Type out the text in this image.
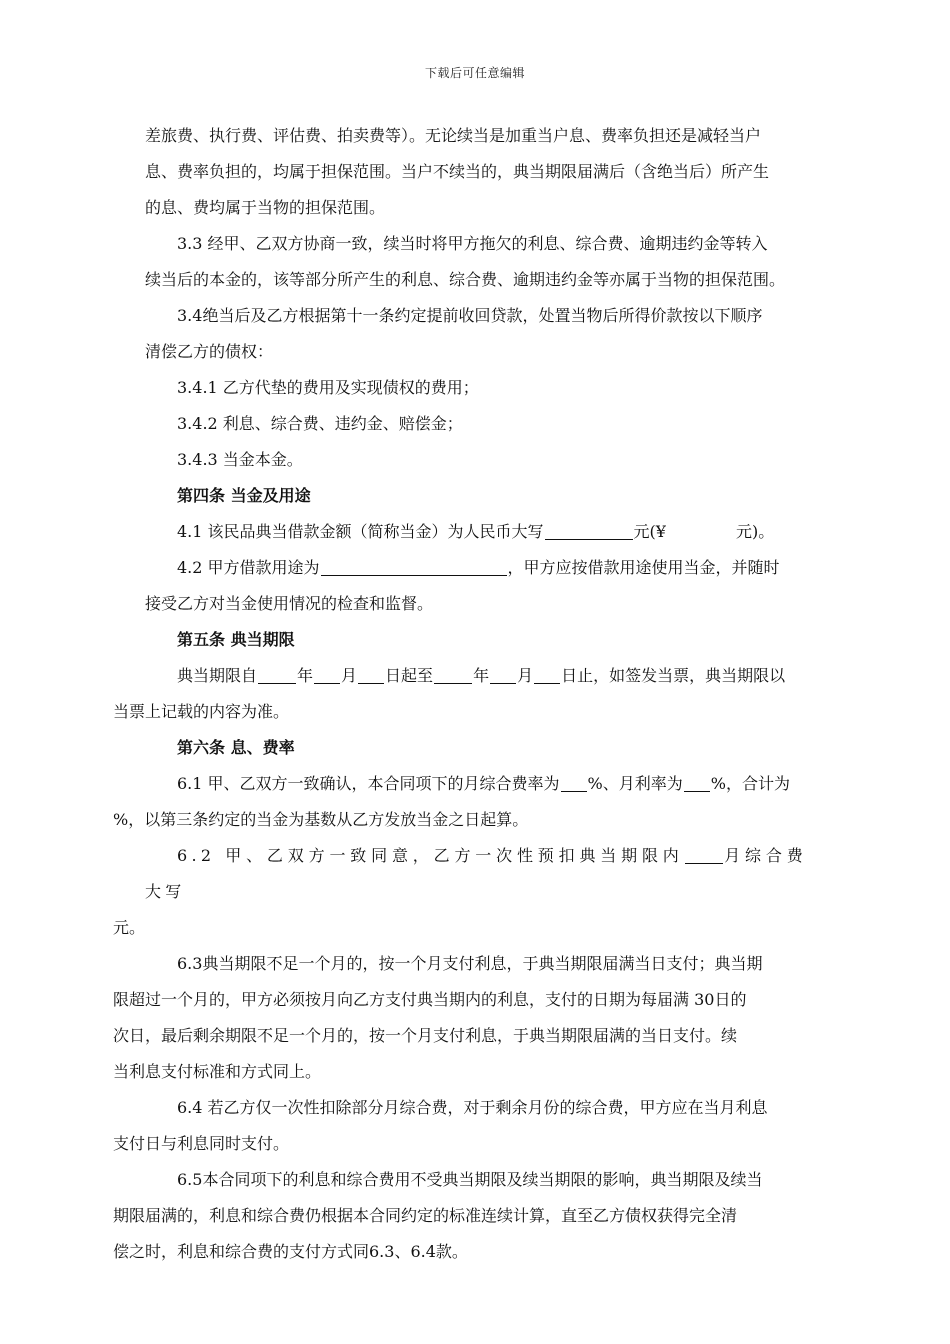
下载后可任意编辑

差旅费、执行费、评估费、拍卖费等）。无论续当是加重当户息、费率负担还是减轻当户
息、费率负担的，均属于担保范围。当户不续当的，典当期限届满后（含绝当后）所产生
的息、费均属于当物的担保范围。

3.3 经甲、乙双方协商一致，续当时将甲方拖欠的利息、综合费、逾期违约金等转入
续当后的本金的，该等部分所产生的利息、综合费、逾期违约金等亦属于当物的担保范围。

3.4绝当后及乙方根据第十一条约定提前收回贷款，处置当物后所得价款按以下顺序
清偿乙方的债权：

3.4.1 乙方代垫的费用及实现债权的费用；

3.4.2 利息、综合费、违约金、赔偿金；

3.4.3 当金本金。

第四条 当金及用途

4.1 该民品典当借款金额（简称当金）为人民币大写	元(¥	元)。

4.2 甲方借款用途为	，甲方应按借款用途使用当金，并随时
接受乙方对当金使用情况的检查和监督。

第五条 典当期限

典当期限自	年 月 日起至	年 月 日止，如签发当票，典当期限以
当票上记载的内容为准。

第六条 息、费率

6.1 甲、乙双方一致确认，本合同项下的月综合费率为 %、月利率为 %，合计为
%，以第三条约定的当金为基数从乙方发放当金之日起算。

6.2 甲、乙双方一致同意，乙方一次性预扣典当期限内	月综合费大写
元。

6.3典当期限不足一个月的，按一个月支付利息，于典当期限届满当日支付；典当期
限超过一个月的，甲方必须按月向乙方支付典当期内的利息，支付的日期为每届满 30日的
次日，最后剩余期限不足一个月的，按一个月支付利息，于典当期限届满的当日支付。续
当利息支付标准和方式同上。

6.4 若乙方仅一次性扣除部分月综合费，对于剩余月份的综合费，甲方应在当月利息
支付日与利息同时支付。

6.5本合同项下的利息和综合费用不受典当期限及续当期限的影响，典当期限及续当
期限届满的，利息和综合费仍根据本合同约定的标准连续计算，直至乙方债权获得完全清
偿之时，利息和综合费的支付方式同6.3、6.4款。
